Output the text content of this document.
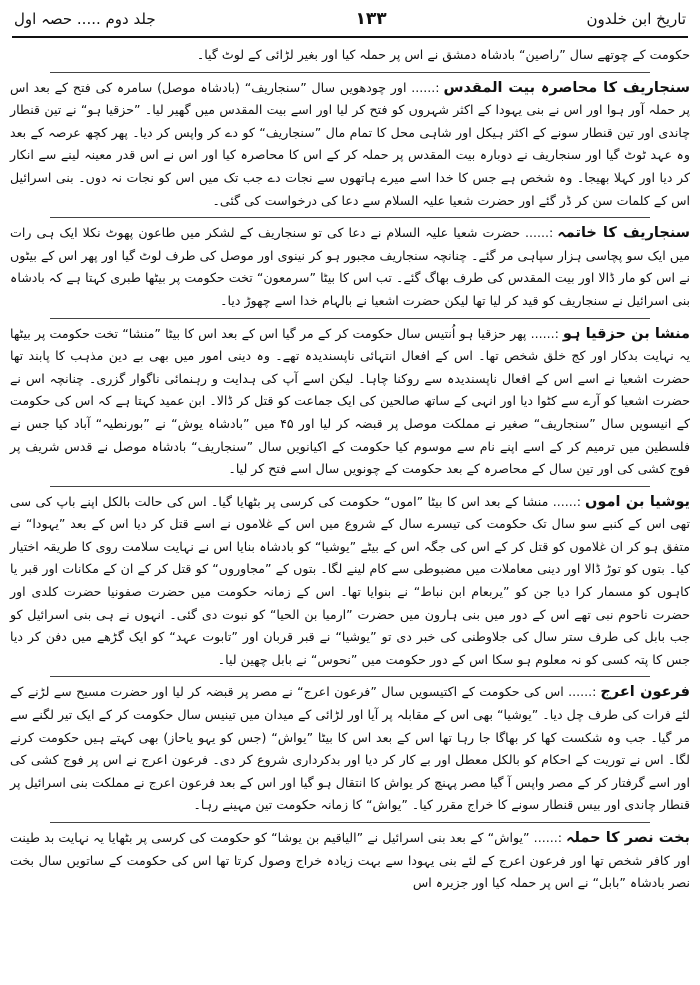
تاریخ ابن خلدون
۱۳۳
جلد دوم ..... حصہ اول

حکومت کے چوتھے سال ”راصین“ بادشاہ دمشق نے اس پر حملہ کیا اور بغیر لڑائی کے لوٹ گیا۔

سنجاریف کا محاصرہ بیت المقدس:...... اور چودھویں سال ”سنجاریف“ (بادشاہ موصل) سامرہ کی فتح کے بعد اس پر حملہ آور ہوا اور اس نے بنی یہودا کے اکثر شہروں کو فتح کر لیا اور اسے بیت المقدس میں گھیر لیا۔ ”حزقیا ہو“ نے تین قنطار چاندی اور تین قنطار سونے کے اکثر ہیکل اور شاہی محل کا تمام مال ”سنجاریف“ کو دے کر واپس کر دیا۔ پھر کچھ عرصہ کے بعد وہ عہد ٹوٹ گیا اور سنجاریف نے دوبارہ بیت المقدس پر حملہ کر کے اس کا محاصرہ کیا اور اس نے اس قدر معینہ لینے سے انکار کر دیا اور کہلا بھیجا۔ وہ شخص ہے جس کا خدا اسے میرے ہاتھوں سے نجات دے جب تک میں اس کو نجات نہ دوں۔ بنی اسرائیل اس کے کلمات سن کر ڈر گئے اور حضرت شعیا علیہ السلام سے دعا کی درخواست کی گئی۔

سنجاریف کا خاتمہ:...... حضرت شعیا علیہ السلام نے دعا کی تو سنجاریف کے لشکر میں طاعون پھوٹ نکلا ایک ہی رات میں ایک سو پچاسی ہزار سپاہی مر گئے۔ چنانچہ سنجاریف مجبور ہو کر نینوی اور موصل کی طرف لوٹ گیا اور پھر اس کے بیٹوں نے اس کو مار ڈالا اور بیت المقدس کی طرف بھاگ گئے۔ تب اس کا بیٹا ”سرمعون“ تخت حکومت پر بیٹھا طبری کہتا ہے کہ بادشاہ بنی اسرائیل نے سنجاریف کو قید کر لیا تھا لیکن حضرت اشعیا نے بالہام خدا اسے چھوڑ دیا۔

منشا بن حزقیا ہو:...... پھر حزقیا ہو اُنتیس سال حکومت کر کے مر گیا اس کے بعد اس کا بیٹا ”منشا“ تخت حکومت پر بیٹھا یہ نہایت بدکار اور کج خلق شخص تھا۔ اس کے افعال انتہائی ناپسندیدہ تھے۔ وہ دینی امور میں بھی بے دین مذہب کا پابند تھا حضرت اشعیا نے اسے اس کے افعال ناپسندیدہ سے روکنا چاہا۔ لیکن اسے آپ کی ہدایت و رہنمائی ناگوار گزری۔ چنانچہ اس نے حضرت اشعیا کو آرے سے کٹوا دیا اور انہی کے ساتھ صالحین کی ایک جماعت کو قتل کر ڈالا۔ ابن عمید کہتا ہے کہ اس کی حکومت کے انیسویں سال ”سنجاریف“ صغیر نے مملکت موصل پر قبضہ کر لیا اور ۴۵ میں ”بادشاہ یوش“ نے ”بورنطیہ“ آباد کیا جس نے فلسطین میں ترمیم کر کے اسے اپنے نام سے موسوم کیا حکومت کے اکیانویں سال ”سنجاریف“ بادشاہ موصل نے قدس شریف پر فوج کشی کی اور تین سال کے محاصرہ کے بعد حکومت کے چونویں سال اسے فتح کر لیا۔

یوشیا بن اموں:...... منشا کے بعد اس کا بیٹا ”اموں“ حکومت کی کرسی پر بٹھایا گیا۔ اس کی حالت بالکل اپنے باپ کی سی تھی اس کے کنبے سو سال تک حکومت کی تیسرے سال کے شروع میں اس کے غلاموں نے اسے قتل کر دیا اس کے بعد ”یہودا“ نے متفق ہو کر ان غلاموں کو قتل کر کے اس کی جگہ اس کے بیٹے ”یوشیا“ کو بادشاہ بنایا اس نے نہایت سلامت روی کا طریقہ اختیار کیا۔ بتوں کو توڑ ڈالا اور دینی معاملات میں مضبوطی سے کام لینے لگا۔ بتوں کے ”مجاوروں“ کو قتل کر کے ان کے مکانات اور قبر یا کاہوں کو مسمار کرا دیا جن کو ”یربعام ابن نباط“ نے بنوایا تھا۔ اس کے زمانہ حکومت میں حضرت صفونیا حضرت کلدی اور حضرت ناحوم نبی تھے اس کے دور میں بنی ہارون میں حضرت ”ارمیا بن الحیا“ کو نبوت دی گئی۔ انہوں نے ہی بنی اسرائیل کو جب بابل کی طرف ستر سال کی جلاوطنی کی خبر دی تو ”یوشیا“ نے قبر قربان اور ”تابوت عہد“ کو ایک گڑھے میں دفن کر دیا جس کا پتہ کسی کو نہ معلوم ہو سکا اس کے دور حکومت میں ”نحوس“ نے بابل چھین لیا۔

فرعون اعرج:...... اس کی حکومت کے اکتیسویں سال ”فرعون اعرج“ نے مصر پر قبضہ کر لیا اور حضرت مسیح سے لڑنے کے لئے فرات کی طرف چل دیا۔ ”یوشیا“ بھی اس کے مقابلہ پر آیا اور لڑائی کے میدان میں تینیس سال حکومت کر کے ایک تیر لگنے سے مر گیا۔ جب وہ شکست کھا کر بھاگا جا رہا تھا اس کے بعد اس کا بیٹا ”یواش“ (جس کو یہو یاحاز) بھی کہتے ہیں حکومت کرنے لگا۔ اس نے توریت کے احکام کو بالکل معطل اور بے کار کر دیا اور بدکرداری شروع کر دی۔ فرعون اعرج نے اس پر فوج کشی کی اور اسے گرفتار کر کے مصر واپس آ گیا مصر پہنچ کر یواش کا انتقال ہو گیا اور اس کے بعد فرعون اعرج نے مملکت بنی اسرائیل پر قنطار چاندی اور بیس قنطار سونے کا خراج مقرر کیا۔ ”یواش“ کا زمانہ حکومت تین مہینے رہا۔

بخت نصر کا حملہ:...... ”یواش“ کے بعد بنی اسرائیل نے ”الیاقیم بن یوشا“ کو حکومت کی کرسی پر بٹھایا یہ نہایت بد طینت اور کافر شخص تھا اور فرعون اعرج کے لئے بنی یہودا سے بہت زیادہ خراج وصول کرتا تھا اس کی حکومت کے ساتویں سال بخت نصر بادشاہ ”بابل“ نے اس پر حملہ کیا اور جزیرہ اس
